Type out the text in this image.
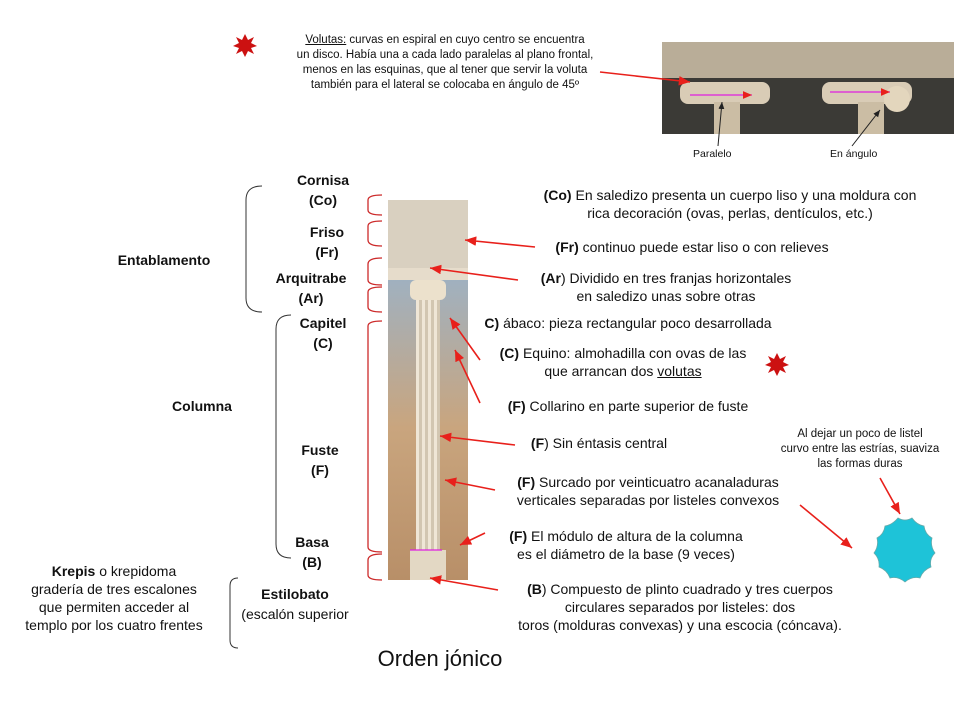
Volutas: curvas en espiral en cuyo centro se encuentra
un disco. Había una a cada lado paralelas al plano frontal,
menos en las esquinas, que al tener que servir la voluta
también para el lateral se colocaba en ángulo de 45º
Paralelo	En ángulo
Cornisa
(Co)
Friso
(Fr)
Arquitrabe
(Ar)
Capitel
(C)
Fuste
(F)
Basa
(B)
Entablamento
Columna
Estilobato
(escalón superior
Krepis o krepidoma
gradería de tres escalones
que permiten acceder al
templo por los cuatro frentes
(Co) En saledizo presenta un cuerpo liso y una moldura con
rica decoración (ovas, perlas, dentículos, etc.)
(Fr) continuo puede estar liso o con relieves
(Ar) Dividido en tres franjas horizontales
en saledizo unas sobre otras
C) ábaco: pieza rectangular poco desarrollada
(C) Equino: almohadilla con ovas de las
que arrancan dos volutas
(F) Collarino en parte superior de fuste
(F) Sin éntasis central
(F) Surcado por veinticuatro acanaladuras
verticales separadas por listeles convexos
(F) El módulo de altura de la columna
es el diámetro de la base (9 veces)
(B) Compuesto de plinto cuadrado y tres cuerpos
circulares separados por listeles: dos
toros (molduras convexas) y una escocia (cóncava).
Al dejar un poco de listel
curvo entre las estrías, suaviza
las formas duras
Orden jónico
